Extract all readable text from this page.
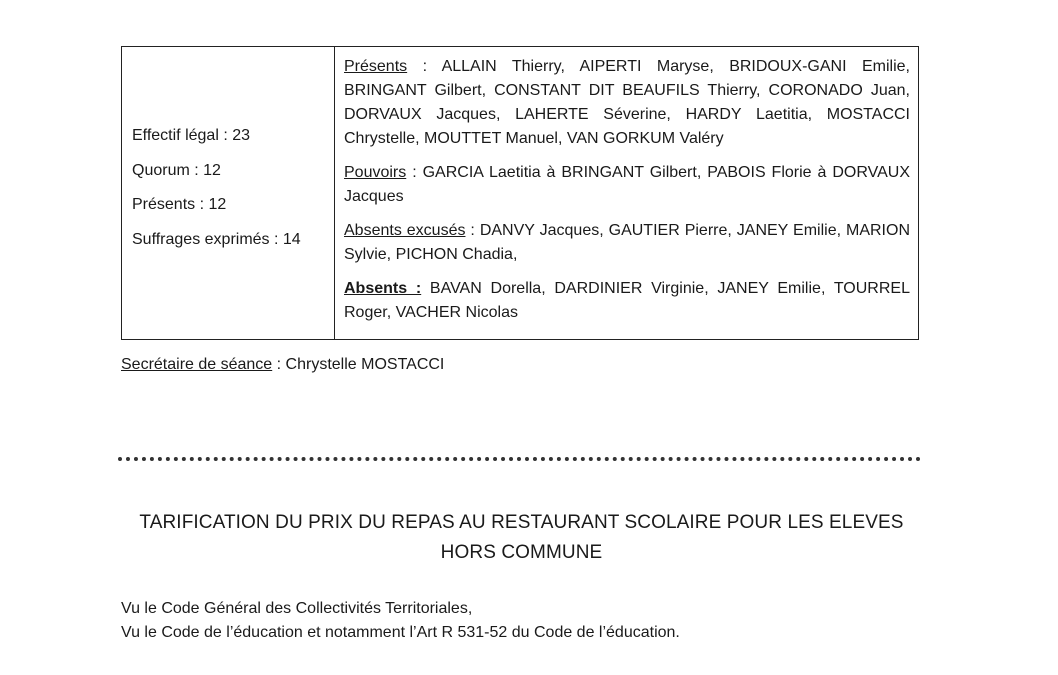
Effectif légal : 23
Quorum : 12
Présents : 12
Suffrages exprimés : 14
Présents : ALLAIN Thierry, AIPERTI Maryse, BRIDOUX-GANI Emilie, BRINGANT Gilbert, CONSTANT DIT BEAUFILS Thierry, CORONADO Juan, DORVAUX Jacques, LAHERTE Séverine, HARDY Laetitia, MOSTACCI Chrystelle, MOUTTET Manuel, VAN GORKUM Valéry
Pouvoirs : GARCIA Laetitia à BRINGANT Gilbert, PABOIS Florie à DORVAUX Jacques
Absents excusés : DANVY Jacques, GAUTIER Pierre, JANEY Emilie, MARION Sylvie, PICHON Chadia,
Absents : BAVAN Dorella, DARDINIER Virginie, JANEY Emilie, TOURREL Roger, VACHER Nicolas
Secrétaire de séance : Chrystelle MOSTACCI
TARIFICATION DU PRIX DU REPAS AU RESTAURANT SCOLAIRE POUR LES ELEVES
HORS COMMUNE
Vu le Code Général des Collectivités Territoriales,
Vu le Code de l’éducation et notamment l’Art R 531-52 du Code de l’éducation.
